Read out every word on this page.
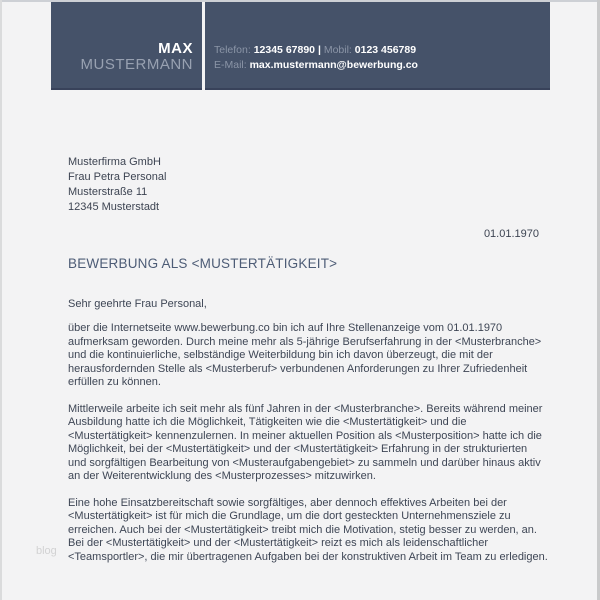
MAX
MUSTERMANN
Telefon: 12345 67890 | Mobil: 0123 456789
E-Mail: max.mustermann@bewerbung.co
Musterfirma GmbH
Frau Petra Personal
Musterstraße 11
12345 Musterstadt
01.01.1970
BEWERBUNG ALS <MUSTERTÄTIGKEIT>
Sehr geehrte Frau Personal,

über die Internetseite www.bewerbung.co bin ich auf Ihre Stellenanzeige vom 01.01.1970 aufmerksam geworden. Durch meine mehr als 5-jährige Berufserfahrung in der <Musterbranche> und die kontinuierliche, selbständige Weiterbildung bin ich davon überzeugt, die mit der herausfordernden Stelle als <Musterberuf> verbundenen Anforderungen zu Ihrer Zufriedenheit erfüllen zu können.

Mittlerweile arbeite ich seit mehr als fünf Jahren in der <Musterbranche>. Bereits während meiner Ausbildung hatte ich die Möglichkeit, Tätigkeiten wie die <Mustertätigkeit> und die <Mustertätigkeit> kennenzulernen. In meiner aktuellen Position als <Musterposition> hatte ich die Möglichkeit, bei der <Mustertätigkeit> und der <Mustertätigkeit> Erfahrung in der strukturierten und sorgfältigen Bearbeitung von <Musteraufgabengebiet> zu sammeln und darüber hinaus aktiv an der Weiterentwicklung des <Musterprozesses> mitzuwirken.

Eine hohe Einsatzbereitschaft sowie sorgfältiges, aber dennoch effektives Arbeiten bei der <Mustertätigkeit> ist für mich die Grundlage, um die dort gesteckten Unternehmensziele zu erreichen. Auch bei der <Mustertätigkeit> treibt mich die Motivation, stetig besser zu werden, an. Bei der <Mustertätigkeit> und der <Mustertätigkeit> reizt es mich als leidenschaftlicher <Teamsportler>, die mir übertragenen Aufgaben bei der konstruktiven Arbeit im Team zu erledigen.

blog
